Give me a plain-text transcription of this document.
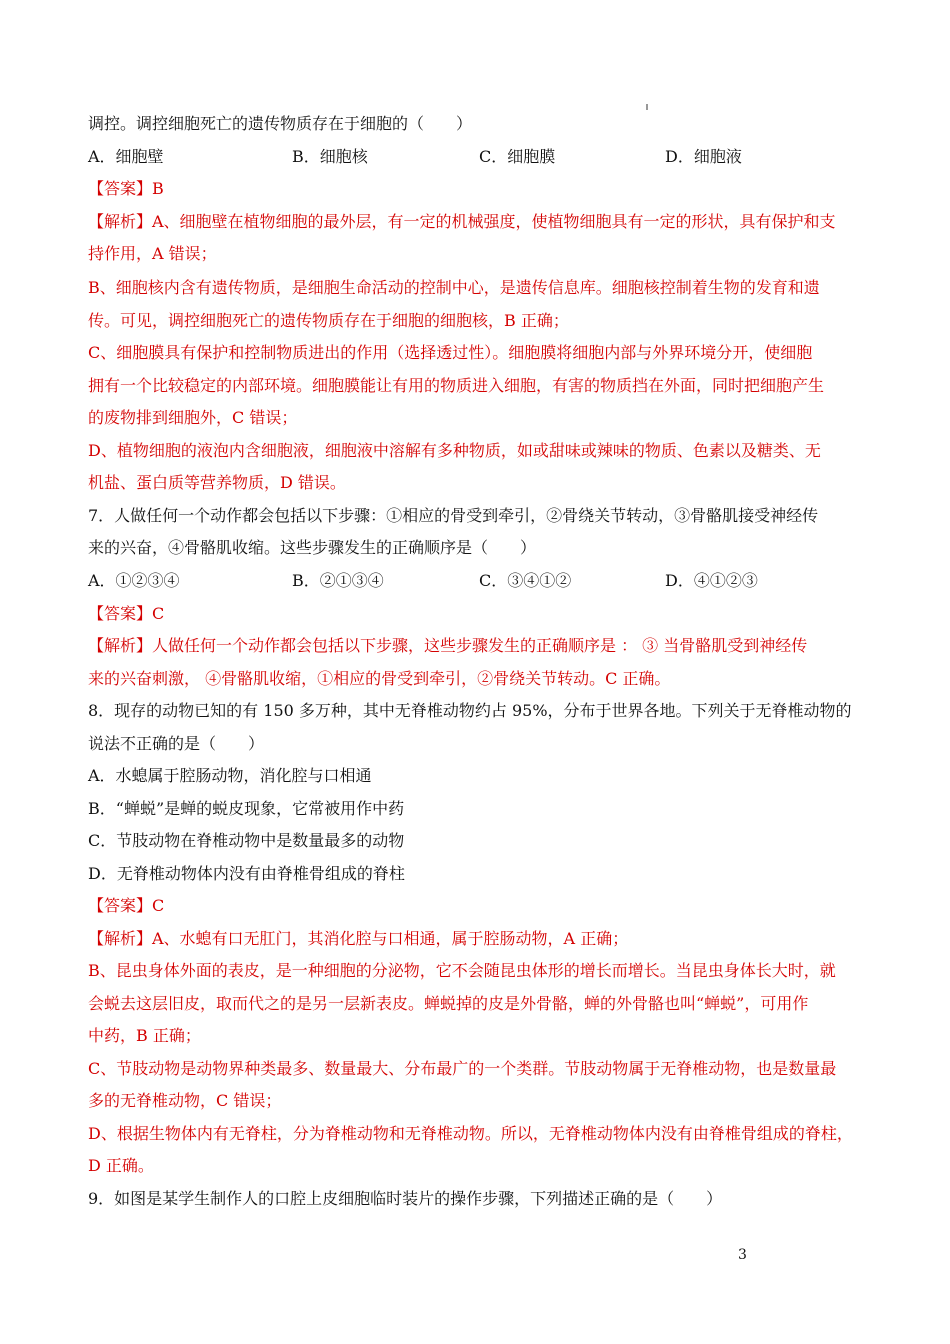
调控。调控细胞死亡的遗传物质存在于细胞的（　　）
A．细胞壁	B．细胞核	C．细胞膜	D．细胞液
【答案】B
【解析】A、细胞壁在植物细胞的最外层，有一定的机械强度，使植物细胞具有一定的形状，具有保护和支
持作用，A 错误；
B、细胞核内含有遗传物质，是细胞生命活动的控制中心，是遗传信息库。细胞核控制着生物的发育和遗
传。可见，调控细胞死亡的遗传物质存在于细胞的细胞核，B 正确；
C、细胞膜具有保护和控制物质进出的作用（选择透过性）。细胞膜将细胞内部与外界环境分开，使细胞
拥有一个比较稳定的内部环境。细胞膜能让有用的物质进入细胞，有害的物质挡在外面，同时把细胞产生
的废物排到细胞外，C 错误；
D、植物细胞的液泡内含细胞液，细胞液中溶解有多种物质，如或甜味或辣味的物质、色素以及糖类、无
机盐、蛋白质等营养物质，D 错误。
7．人做任何一个动作都会包括以下步骤：①相应的骨受到牵引，②骨绕关节转动，③骨骼肌接受神经传
来的兴奋，④骨骼肌收缩。这些步骤发生的正确顺序是（　　）
A．①②③④	B．②①③④	C．③④①②	D．④①②③
【答案】C
【解析】人做任何一个动作都会包括以下步骤，这些步骤发生的正确顺序是 ： ③ 当骨骼肌受到神经传
来的兴奋刺激， ④骨骼肌收缩，①相应的骨受到牵引，②骨绕关节转动。C 正确。
8．现存的动物已知的有 150 多万种，其中无脊椎动物约占 95%，分布于世界各地。下列关于无脊椎动物的
说法不正确的是（　　）
A．水螅属于腔肠动物，消化腔与口相通
B．“蝉蜕”是蝉的蜕皮现象，它常被用作中药
C．节肢动物在脊椎动物中是数量最多的动物
D．无脊椎动物体内没有由脊椎骨组成的脊柱
【答案】C
【解析】A、水螅有口无肛门，其消化腔与口相通，属于腔肠动物，A 正确；
B、昆虫身体外面的表皮，是一种细胞的分泌物，它不会随昆虫体形的增长而增长。当昆虫身体长大时，就
会蜕去这层旧皮，取而代之的是另一层新表皮。蝉蜕掉的皮是外骨骼，蝉的外骨骼也叫“蝉蜕”，可用作
中药，B 正确；
C、节肢动物是动物界种类最多、数量最大、分布最广的一个类群。节肢动物属于无脊椎动物，也是数量最
多的无脊椎动物，C 错误；
D、根据生物体内有无脊柱，分为脊椎动物和无脊椎动物。所以，无脊椎动物体内没有由脊椎骨组成的脊柱，
D 正确。
9．如图是某学生制作人的口腔上皮细胞临时装片的操作步骤，下列描述正确的是（　　）
3
